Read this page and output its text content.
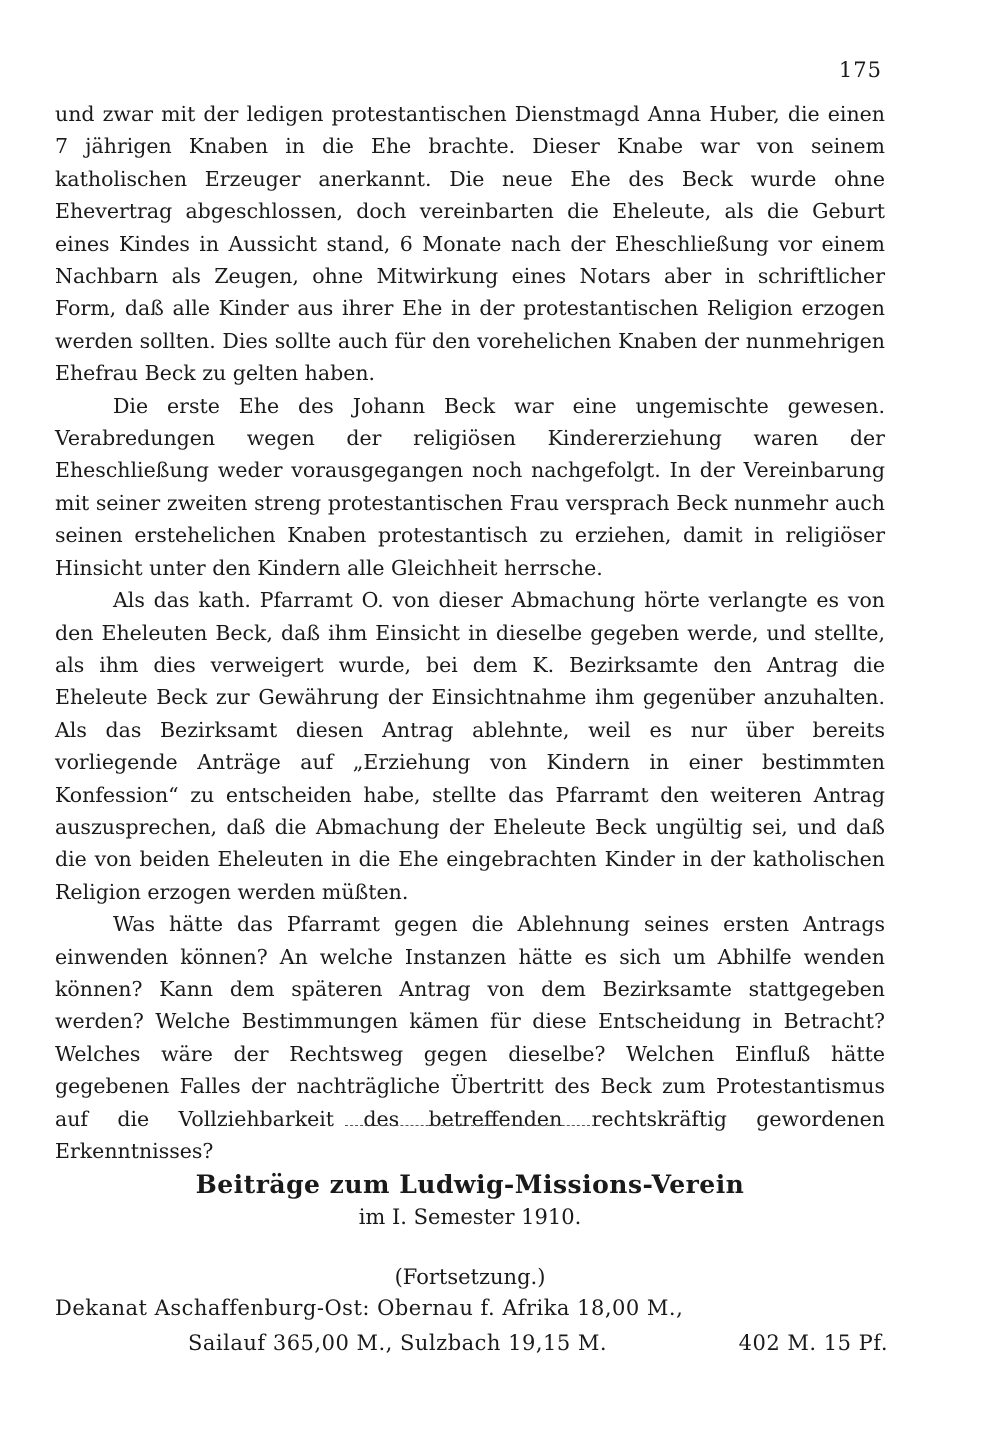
175

und zwar mit der ledigen protestantischen Dienstmagd Anna Huber, die einen 7 jährigen Knaben in die Ehe brachte. Dieser Knabe war von seinem katholischen Erzeuger anerkannt. Die neue Ehe des Beck wurde ohne Ehevertrag abgeschlossen, doch vereinbarten die Eheleute, als die Geburt eines Kindes in Aussicht stand, 6 Monate nach der Eheschließung vor einem Nachbarn als Zeugen, ohne Mitwirkung eines Notars aber in schriftlicher Form, daß alle Kinder aus ihrer Ehe in der protestantischen Religion erzogen werden sollten. Dies sollte auch für den vorehelichen Knaben der nunmehrigen Ehefrau Beck zu gelten haben.

Die erste Ehe des Johann Beck war eine ungemischte gewesen. Verabredungen wegen der religiösen Kindererziehung waren der Eheschließung weder vorausgegangen noch nachgefolgt. In der Vereinbarung mit seiner zweiten streng protestantischen Frau versprach Beck nunmehr auch seinen erstehelichen Knaben protestantisch zu erziehen, damit in religiöser Hinsicht unter den Kindern alle Gleichheit herrsche.

Als das kath. Pfarramt O. von dieser Abmachung hörte verlangte es von den Eheleuten Beck, daß ihm Einsicht in dieselbe gegeben werde, und stellte, als ihm dies verweigert wurde, bei dem K. Bezirksamte den Antrag die Eheleute Beck zur Gewährung der Einsichtnahme ihm gegenüber anzuhalten. Als das Bezirksamt diesen Antrag ablehnte, weil es nur über bereits vorliegende Anträge auf „Erziehung von Kindern in einer bestimmten Konfession“ zu entscheiden habe, stellte das Pfarramt den weiteren Antrag auszusprechen, daß die Abmachung der Eheleute Beck ungültig sei, und daß die von beiden Eheleuten in die Ehe eingebrachten Kinder in der katholischen Religion erzogen werden müßten.

Was hätte das Pfarramt gegen die Ablehnung seines ersten Antrags einwenden können? An welche Instanzen hätte es sich um Abhilfe wenden können? Kann dem späteren Antrag von dem Bezirksamte stattgegeben werden? Welche Bestimmungen kämen für diese Entscheidung in Betracht? Welches wäre der Rechtsweg gegen dieselbe? Welchen Einfluß hätte gegebenen Falles der nachträgliche Übertritt des Beck zum Protestantismus auf die Vollziehbarkeit des betreffenden rechtskräftig gewordenen Erkenntnisses?

Beiträge zum Ludwig-Missions-Verein
im I. Semester 1910.
(Fortsetzung.)
Dekanat Aschaffenburg-Ost: Obernau f. Afrika 18,00 M.,
Sailauf 365,00 M., Sulzbach 19,15 M.	402 M. 15 Pf.
